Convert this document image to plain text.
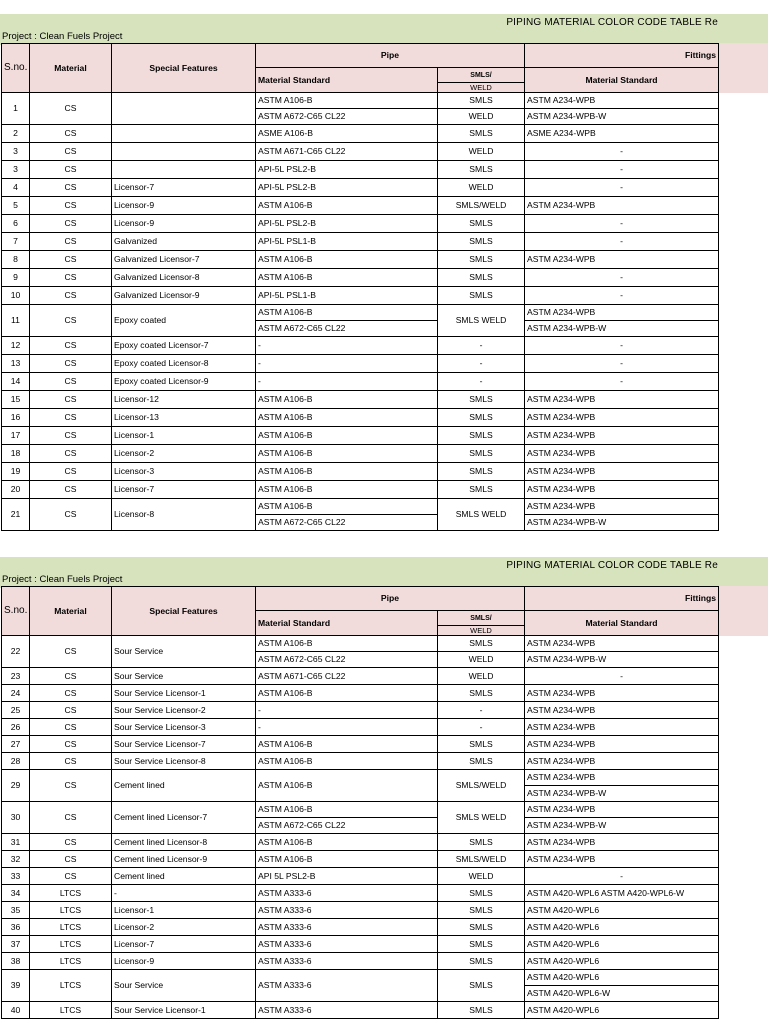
PIPING MATERIAL COLOR CODE TABLE Re
Project : Clean Fuels Project
S.no.	Material	Special Features	Pipe		Fittings
			Material Standard	SMLS/	Material Standard
				WELD	
1	CS		ASTM A106-B	SMLS	ASTM A234-WPB
			ASTM A672-C65 CL22	WELD	ASTM A234-WPB-W
2	CS		ASME A106-B	SMLS	ASME A234-WPB
3	CS		ASTM A671-C65 CL22	WELD	-
3	CS		API-5L PSL2-B	SMLS	-
4	CS	Licensor-7	API-5L PSL2-B	WELD	-
5	CS	Licensor-9	ASTM A106-B	SMLS/WELD	ASTM A234-WPB
6	CS	Licensor-9	API-5L PSL2-B	SMLS	-
7	CS	Galvanized	API-5L PSL1-B	SMLS	-
8	CS	Galvanized Licensor-7	ASTM A106-B	SMLS	ASTM A234-WPB
9	CS	Galvanized Licensor-8	ASTM A106-B	SMLS	-
10	CS	Galvanized Licensor-9	API-5L PSL1-B	SMLS	-
11	CS	Epoxy coated	ASTM A106-B	SMLS WELD	ASTM A234-WPB
			ASTM A672-C65 CL22		ASTM A234-WPB-W
12	CS	Epoxy coated Licensor-7	-	-	-
13	CS	Epoxy coated Licensor-8	-	-	-
14	CS	Epoxy coated Licensor-9	-	-	-
15	CS	Licensor-12	ASTM A106-B	SMLS	ASTM A234-WPB
16	CS	Licensor-13	ASTM A106-B	SMLS	ASTM A234-WPB
17	CS	Licensor-1	ASTM A106-B	SMLS	ASTM A234-WPB
18	CS	Licensor-2	ASTM A106-B	SMLS	ASTM A234-WPB
19	CS	Licensor-3	ASTM A106-B	SMLS	ASTM A234-WPB
20	CS	Licensor-7	ASTM A106-B	SMLS	ASTM A234-WPB
21	CS	Licensor-8	ASTM A106-B	SMLS WELD	ASTM A234-WPB
			ASTM A672-C65 CL22		ASTM A234-WPB-W
PIPING MATERIAL COLOR CODE TABLE Re
Project : Clean Fuels Project
S.no.	Material	Special Features	Pipe		Fittings
			Material Standard	SMLS/	Material Standard
				WELD	
22	CS	Sour Service	ASTM A106-B	SMLS	ASTM A234-WPB
			ASTM A672-C65 CL22	WELD	ASTM A234-WPB-W
23	CS	Sour Service	ASTM A671-C65 CL22	WELD	-
24	CS	Sour Service Licensor-1	ASTM A106-B	SMLS	ASTM A234-WPB
25	CS	Sour Service Licensor-2	-	-	ASTM A234-WPB
26	CS	Sour Service Licensor-3	-	-	ASTM A234-WPB
27	CS	Sour Service Licensor-7	ASTM A106-B	SMLS	ASTM A234-WPB
28	CS	Sour Service Licensor-8	ASTM A106-B	SMLS	ASTM A234-WPB
29	CS	Cement lined	ASTM A106-B	SMLS/WELD	ASTM A234-WPB
					ASTM A234-WPB-W
30	CS	Cement lined Licensor-7	ASTM A106-B	SMLS WELD	ASTM A234-WPB
			ASTM A672-C65 CL22		ASTM A234-WPB-W
31	CS	Cement lined Licensor-8	ASTM A106-B	SMLS	ASTM A234-WPB
32	CS	Cement lined Licensor-9	ASTM A106-B	SMLS/WELD	ASTM A234-WPB
33	CS	Cement lined	API 5L PSL2-B	WELD	-
34	LTCS	-	ASTM A333-6	SMLS	ASTM A420-WPL6 ASTM A420-WPL6-W
35	LTCS	Licensor-1	ASTM A333-6	SMLS	ASTM A420-WPL6
36	LTCS	Licensor-2	ASTM A333-6	SMLS	ASTM A420-WPL6
37	LTCS	Licensor-7	ASTM A333-6	SMLS	ASTM A420-WPL6
38	LTCS	Licensor-9	ASTM A333-6	SMLS	ASTM A420-WPL6
39	LTCS	Sour Service	ASTM A333-6	SMLS	ASTM A420-WPL6
					ASTM A420-WPL6-W
40	LTCS	Sour Service Licensor-1	ASTM A333-6	SMLS	ASTM A420-WPL6
